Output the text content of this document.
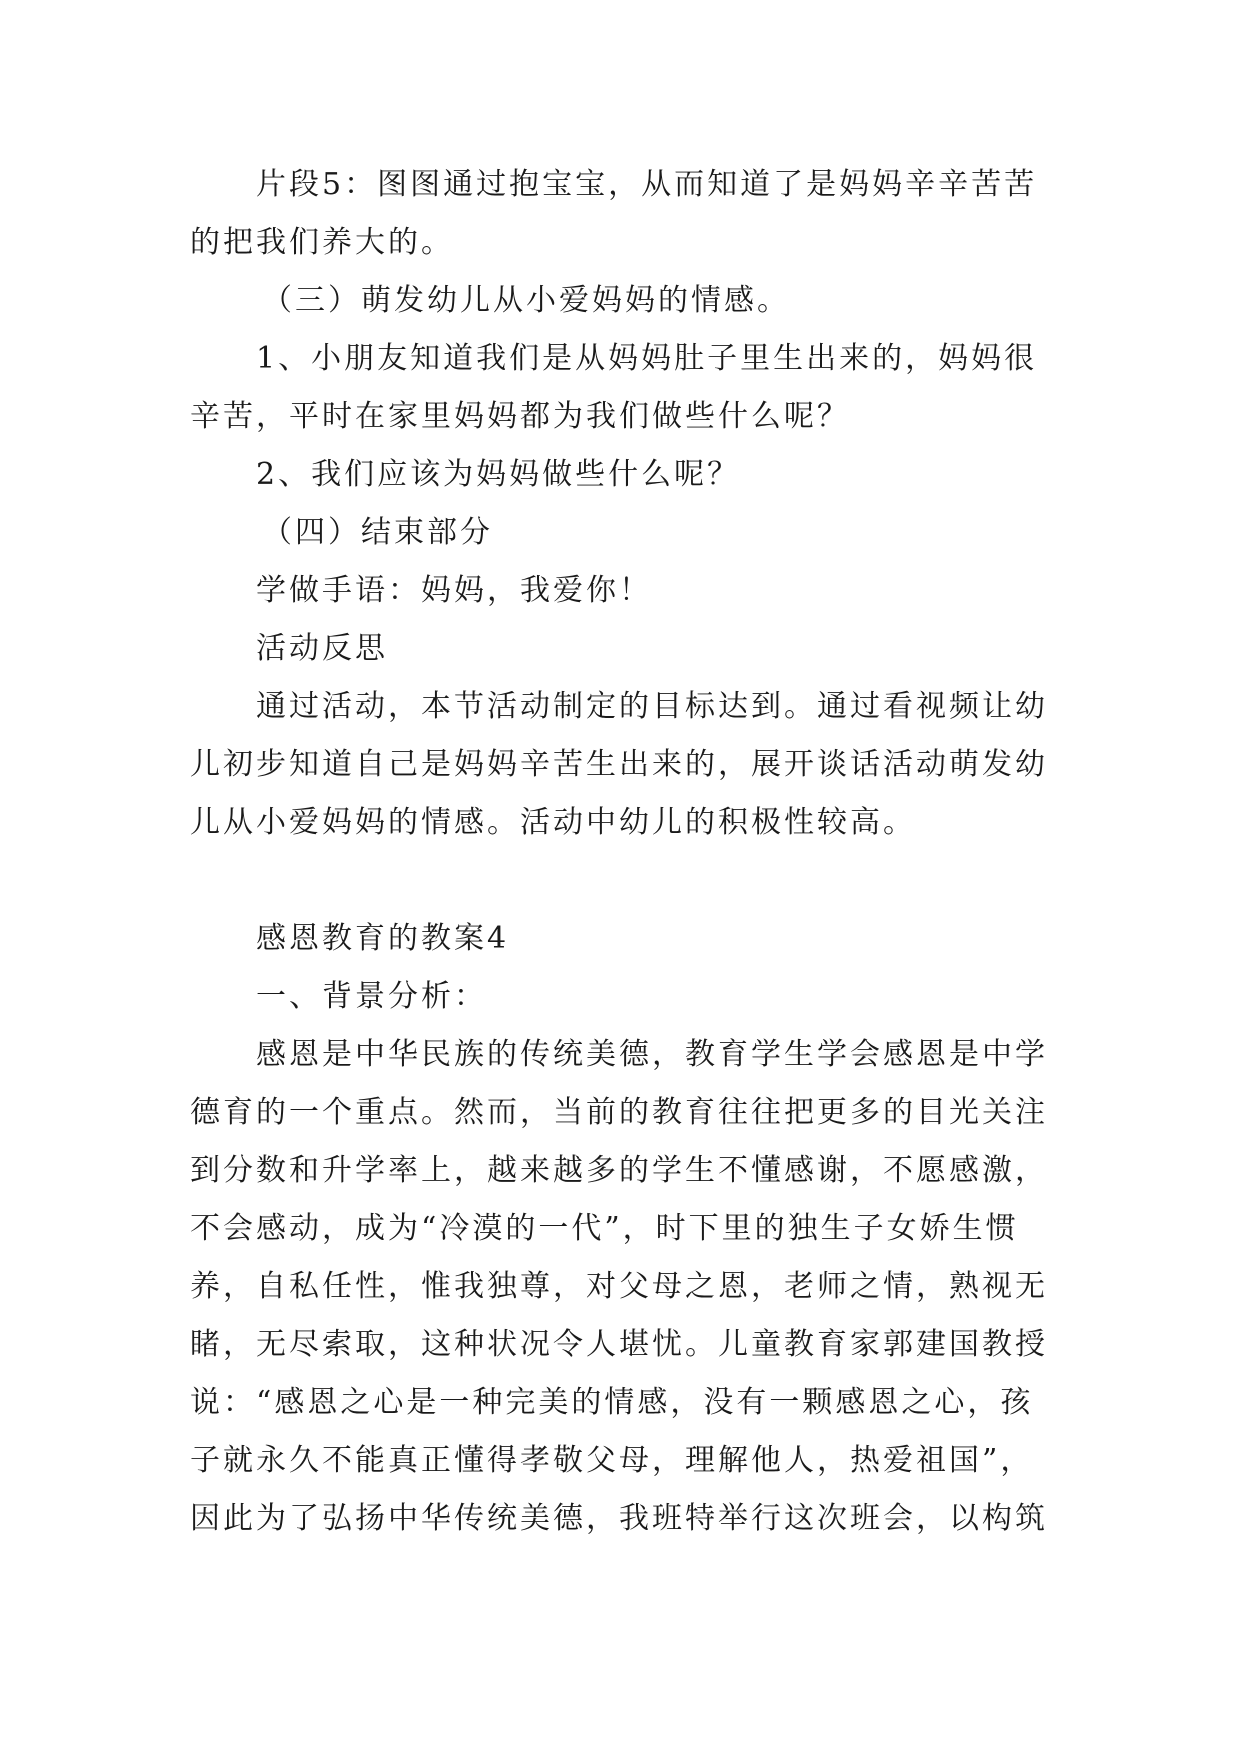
片段5：图图通过抱宝宝，从而知道了是妈妈辛辛苦苦
的把我们养大的。
（三）萌发幼儿从小爱妈妈的情感。
1、小朋友知道我们是从妈妈肚子里生出来的，妈妈很
辛苦，平时在家里妈妈都为我们做些什么呢？
2、我们应该为妈妈做些什么呢？
（四）结束部分
学做手语：妈妈，我爱你！
活动反思
通过活动，本节活动制定的目标达到。通过看视频让幼
儿初步知道自己是妈妈辛苦生出来的，展开谈话活动萌发幼
儿从小爱妈妈的情感。活动中幼儿的积极性较高。
感恩教育的教案4
一、背景分析：
感恩是中华民族的传统美德，教育学生学会感恩是中学
德育的一个重点。然而，当前的教育往往把更多的目光关注
到分数和升学率上，越来越多的学生不懂感谢，不愿感激，
不会感动，成为“冷漠的一代”，时下里的独生子女娇生惯
养，自私任性，惟我独尊，对父母之恩，老师之情，熟视无
睹，无尽索取，这种状况令人堪忧。儿童教育家郭建国教授
说：“感恩之心是一种完美的情感，没有一颗感恩之心，孩
子就永久不能真正懂得孝敬父母，理解他人，热爱祖国”，
因此为了弘扬中华传统美德，我班特举行这次班会，以构筑
